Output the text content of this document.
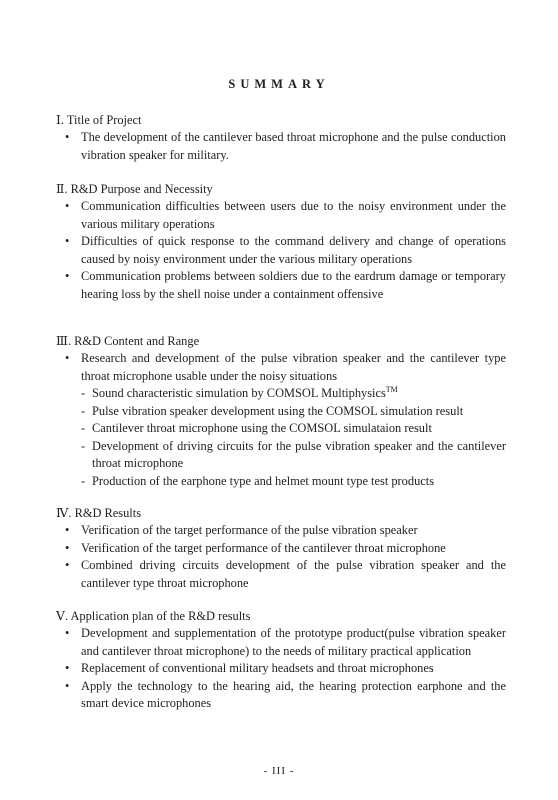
SUMMARY
Ⅰ. Title of Project
• The development of the cantilever based throat microphone and the pulse conduction vibration speaker for military.
Ⅱ. R&D Purpose and Necessity
• Communication difficulties between users due to the noisy environment under the various military operations
• Difficulties of quick response to the command delivery and change of operations caused by noisy environment under the various military operations
• Communication problems between soldiers due to the eardrum damage or temporary hearing loss by the shell noise under a containment offensive
Ⅲ. R&D Content and Range
• Research and development of the pulse vibration speaker and the cantilever type throat microphone usable under the noisy situations
- Sound characteristic simulation by COMSOL Multiphysics™
- Pulse vibration speaker development using the COMSOL simulation result
- Cantilever throat microphone using the COMSOL simulataion result
- Development of driving circuits for the pulse vibration speaker and the cantilever throat microphone
- Production of the earphone type and helmet mount type test products
Ⅳ. R&D Results
• Verification of the target performance of the pulse vibration speaker
• Verification of the target performance of the cantilever throat microphone
• Combined driving circuits development of the pulse vibration speaker and the cantilever type throat microphone
Ⅴ. Application plan of the R&D results
• Development and supplementation of the prototype product(pulse vibration speaker and cantilever throat microphone) to the needs of military practical application
• Replacement of conventional military headsets and throat microphones
• Apply the technology to the hearing aid, the hearing protection earphone and the smart device microphones
- III -
